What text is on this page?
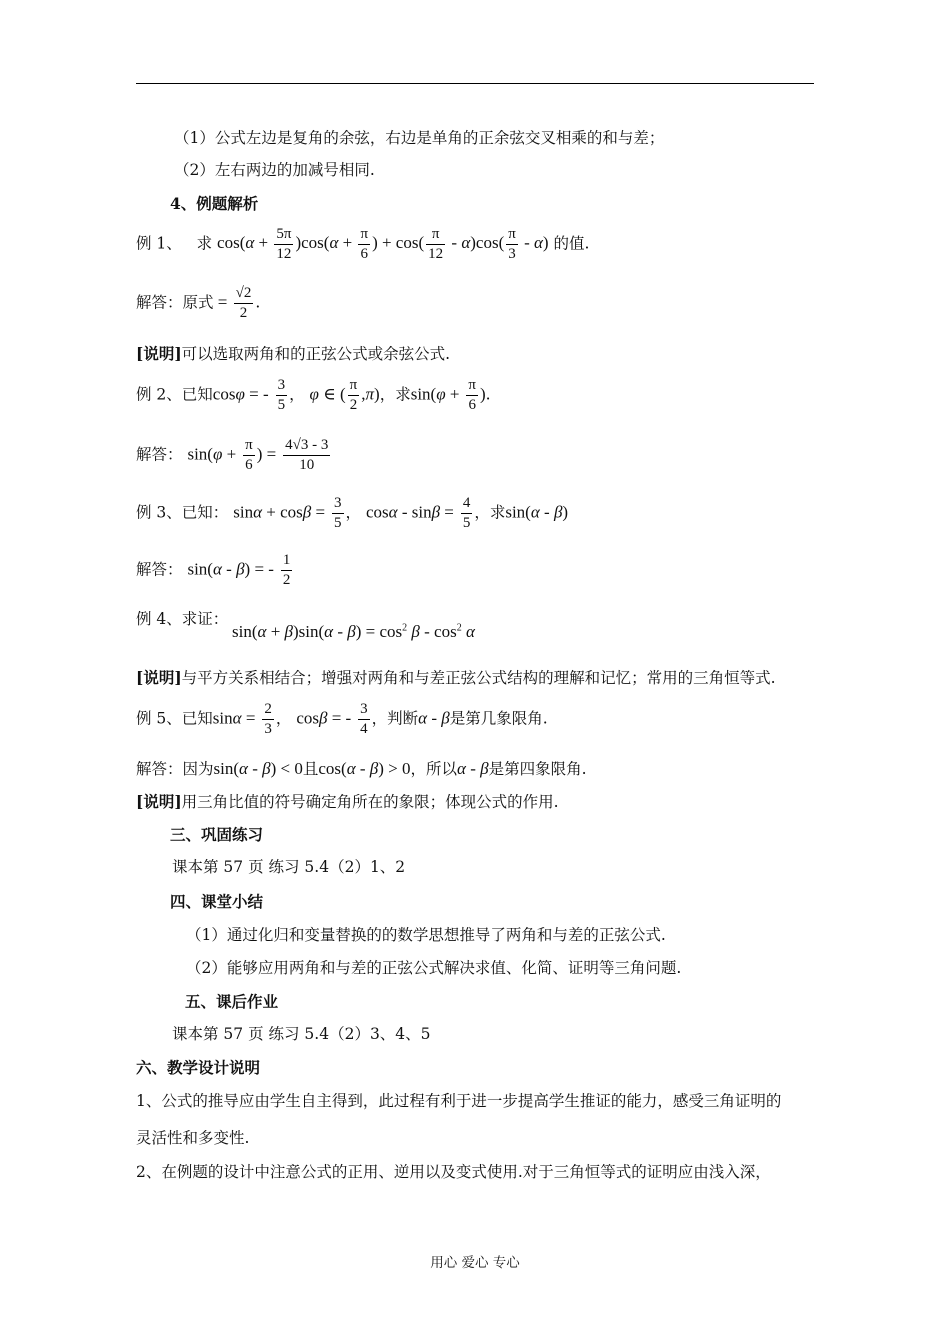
（1）公式左边是复角的余弦，右边是单角的正余弦交叉相乘的和与差；
（2）左右两边的加减号相同.
4、例题解析
例 1、 求 $\cos(\alpha + \frac{5\pi}{12} )\cos(\alpha + \frac{\pi}{6}$ ) + $\cos( \frac{\pi}{12} - \alpha)\cos( \frac{\pi}{3} - \alpha)$ 的值.
解答：原式 = $\frac{√2}{2}$ .
[说明]可以选取两角和的正弦公式或余弦公式.
例 2、已知cosφ = - $\frac{3}{5}$ ， φ ∈ ( $\frac{\pi}{2} ,\pi$)，求$\sin(\varphi + \frac{\pi}{6}$ ).
解答： $\sin(\varphi + \frac{\pi}{6}$ ) = $\frac{4√3 - 3}{10}$
例 3、已知： $\sin\alpha + \cos\beta = \frac{3}{5}$ ， $\cos\alpha - \sin\beta = \frac{4}{5}$ ，求sin(α - β)
解答： sin(α - β) = - $\frac{1}{2}$
例 4、求证：
$\sin(\alpha + \beta)\sin(\alpha - \beta) = \cos^2 \beta - \cos^2 \alpha$
[说明]与平方关系相结合；增强对两角和与差正弦公式结构的理解和记忆；常用的三角恒等式.
例 5、已知$\sin\alpha = \frac{2}{3}$ ， cosβ = - $\frac{3}{4}$ ，判断α - β是第几象限角.
解答：因为sin(α - β) < 0且cos(α - β) > 0，所以α - β是第四象限角.
[说明]用三角比值的符号确定角所在的象限；体现公式的作用.
三、巩固练习
课本第 57 页 练习 5.4（2）1、2
四、课堂小结
（1）通过化归和变量替换的的数学思想推导了两角和与差的正弦公式.
（2）能够应用两角和与差的正弦公式解决求值、化简、证明等三角问题.
五、课后作业
课本第 57 页 练习 5.4（2）3、4、5
六、教学设计说明
1、公式的推导应由学生自主得到，此过程有利于进一步提高学生推证的能力，感受三角证明的
灵活性和多变性.
2、在例题的设计中注意公式的正用、逆用以及变式使用.对于三角恒等式的证明应由浅入深，
用心 爱心 专心
